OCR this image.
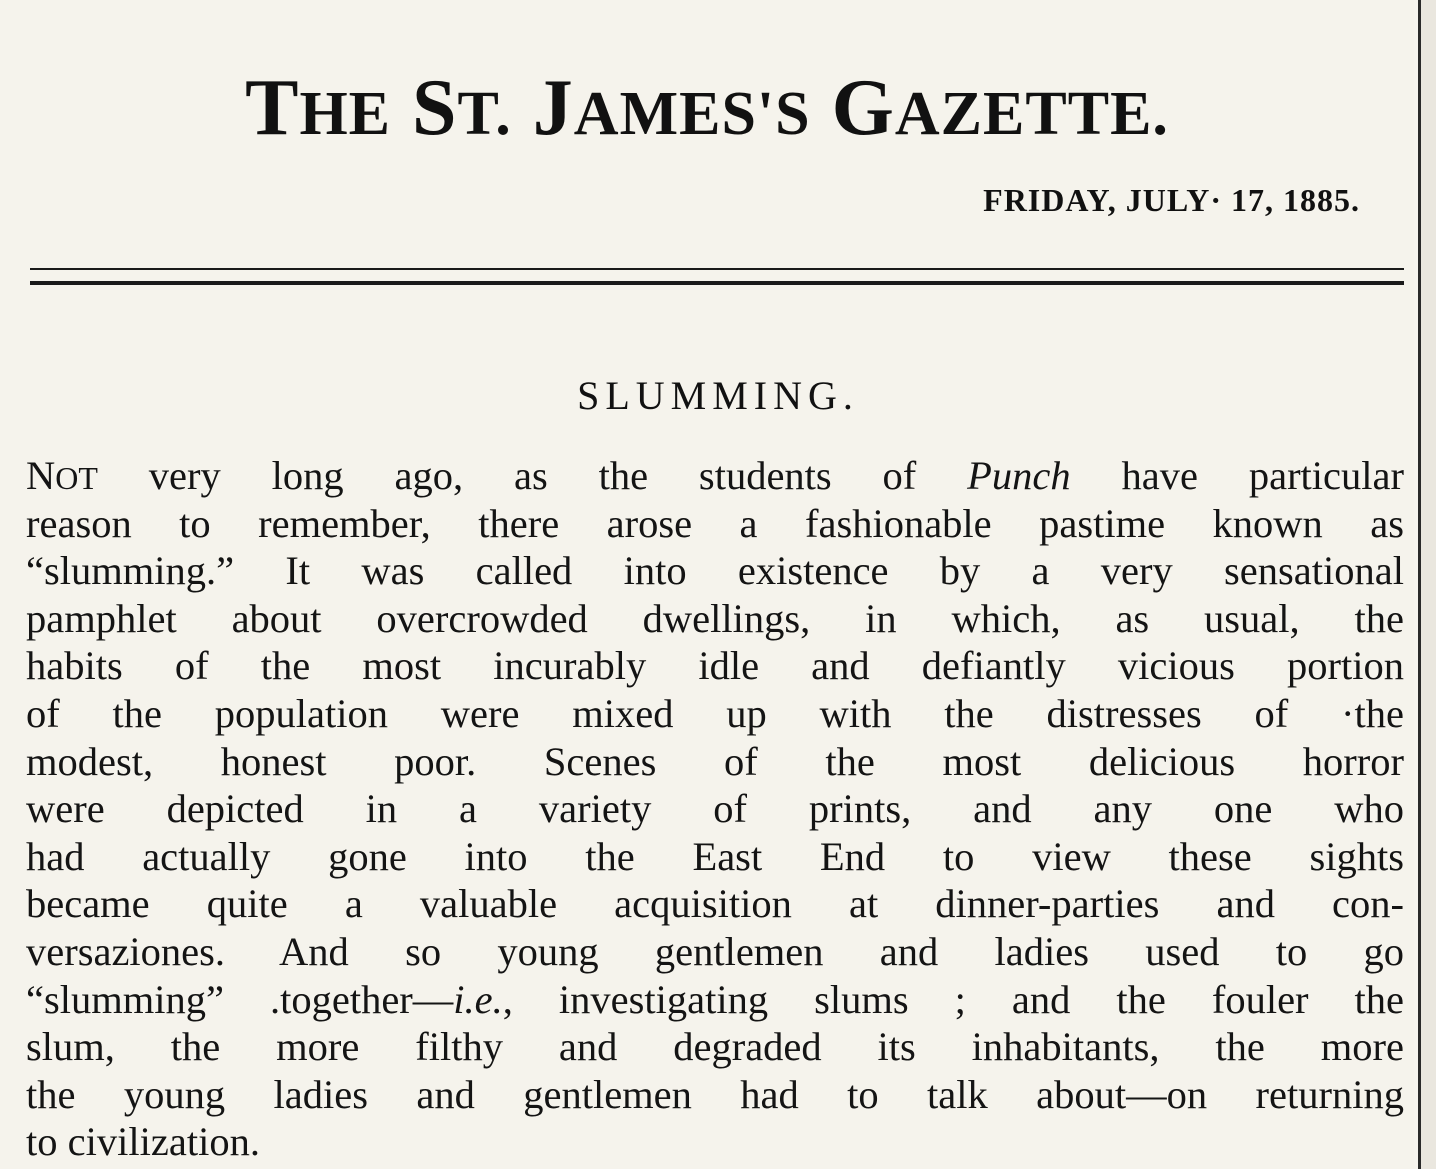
THE ST. JAMES'S GAZETTE.
FRIDAY, JULY· 17, 1885.
SLUMMING.
NOT very long ago, as the students of Punch have particular
reason to remember, there arose a fashionable pastime known as
“slumming.” It was called into existence by a very sensational
pamphlet about overcrowded dwellings, in which, as usual, the
habits of the most incurably idle and defiantly vicious portion
of the population were mixed up with the distresses of ·the
modest, honest poor. Scenes of the most delicious horror
were depicted in a variety of prints, and any one who
had actually gone into the East End to view these sights
became quite a valuable acquisition at dinner-parties and con-
versaziones. And so young gentlemen and ladies used to go
“slumming” .together—i.e., investigating slums ; and the fouler the
slum, the more filthy and degraded its inhabitants, the more
the young ladies and gentlemen had to talk about—on returning
to civilization.
